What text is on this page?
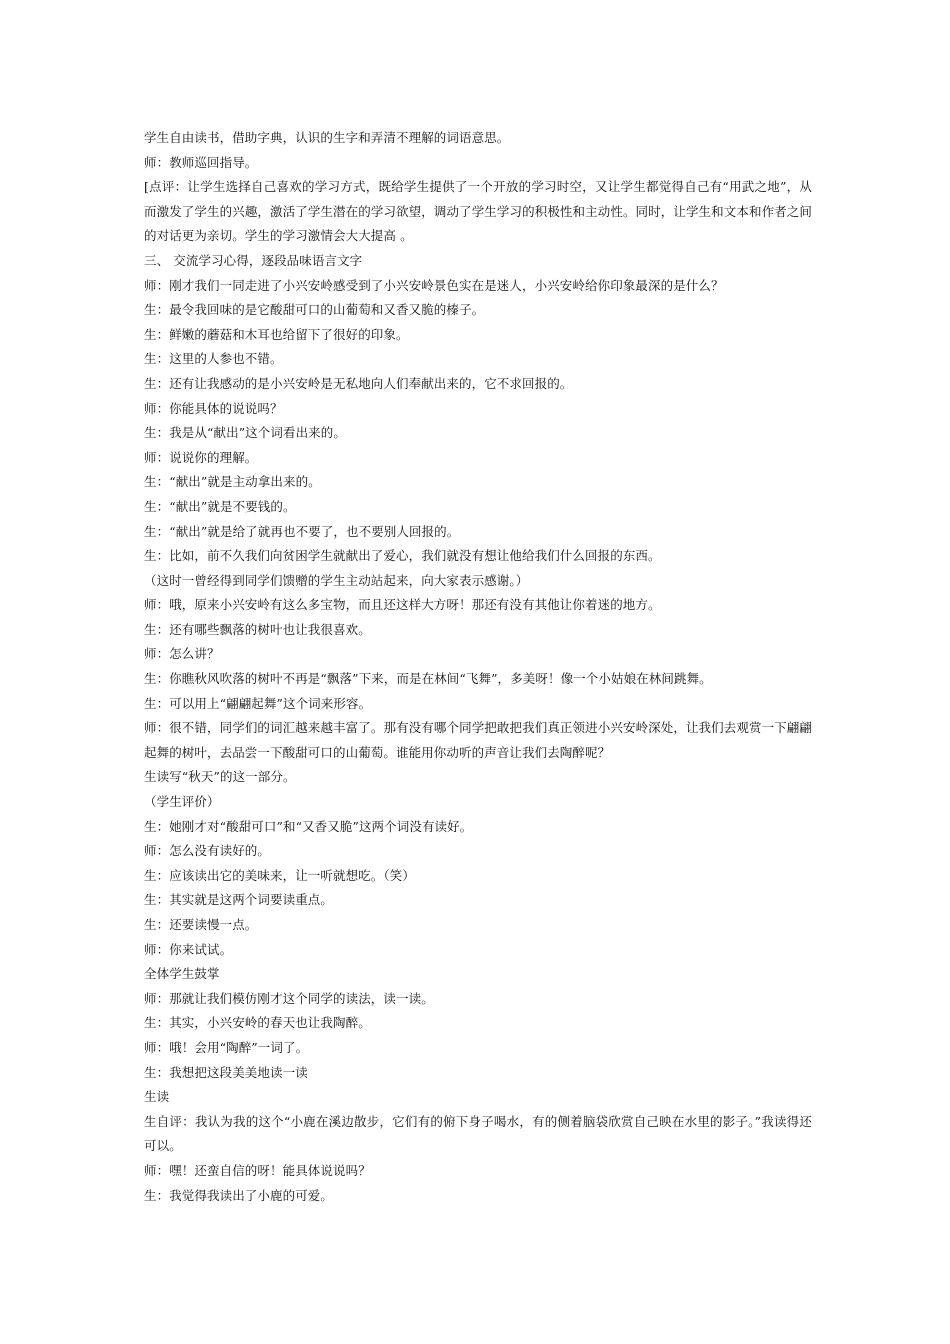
学生自由读书，借助字典，认识的生字和弄清不理解的词语意思。
师：教师巡回指导。
[点评：让学生选择自己喜欢的学习方式，既给学生提供了一个开放的学习时空，又让学生都觉得自己有“用武之地”，从而激发了学生的兴趣，激活了学生潜在的学习欲望，调动了学生学习的积极性和主动性。同时，让学生和文本和作者之间的对话更为亲切。学生的学习激情会大大提高 。
三、 交流学习心得，逐段品味语言文字
师：刚才我们一同走进了小兴安岭感受到了小兴安岭景色实在是迷人，小兴安岭给你印象最深的是什么？
生：最令我回味的是它酸甜可口的山葡萄和又香又脆的榛子。
生：鲜嫩的蘑菇和木耳也给留下了很好的印象。
生：这里的人参也不错。
生：还有让我感动的是小兴安岭是无私地向人们奉献出来的，它不求回报的。
师：你能具体的说说吗？
生：我是从“献出”这个词看出来的。
师：说说你的理解。
生：“献出”就是主动拿出来的。
生：“献出”就是不要钱的。
生：“献出”就是给了就再也不要了，也不要别人回报的。
生：比如，前不久我们向贫困学生就献出了爱心，我们就没有想让他给我们什么回报的东西。
（这时一曾经得到同学们馈赠的学生主动站起来，向大家表示感谢。）
师：哦，原来小兴安岭有这么多宝物，而且还这样大方呀！那还有没有其他让你着迷的地方。
生：还有哪些飘落的树叶也让我很喜欢。
师：怎么讲？
生：你瞧秋风吹落的树叶不再是“飘落”下来，而是在林间“飞舞”，多美呀！像一个小姑娘在林间跳舞。
生：可以用上“翩翩起舞”这个词来形容。
师：很不错，同学们的词汇越来越丰富了。那有没有哪个同学把敢把我们真正领进小兴安岭深处，让我们去观赏一下翩翩起舞的树叶，去品尝一下酸甜可口的山葡萄。谁能用你动听的声音让我们去陶醉呢？
生读写“秋天”的这一部分。
（学生评价）
生：她刚才对“酸甜可口”和“又香又脆”这两个词没有读好。
师：怎么没有读好的。
生：应该读出它的美味来，让一听就想吃。（笑）
生：其实就是这两个词要读重点。
生：还要读慢一点。
师：你来试试。
全体学生鼓掌
师：那就让我们模仿刚才这个同学的读法，读一读。
生：其实，小兴安岭的春天也让我陶醉。
师：哦！会用“陶醉”一词了。
生：我想把这段美美地读一读
生读
生自评：我认为我的这个“小鹿在溪边散步，它们有的俯下身子喝水，有的侧着脑袋欣赏自己映在水里的影子。”我读得还可以。
师：嘿！还蛮自信的呀！能具体说说吗？
生：我觉得我读出了小鹿的可爱。
